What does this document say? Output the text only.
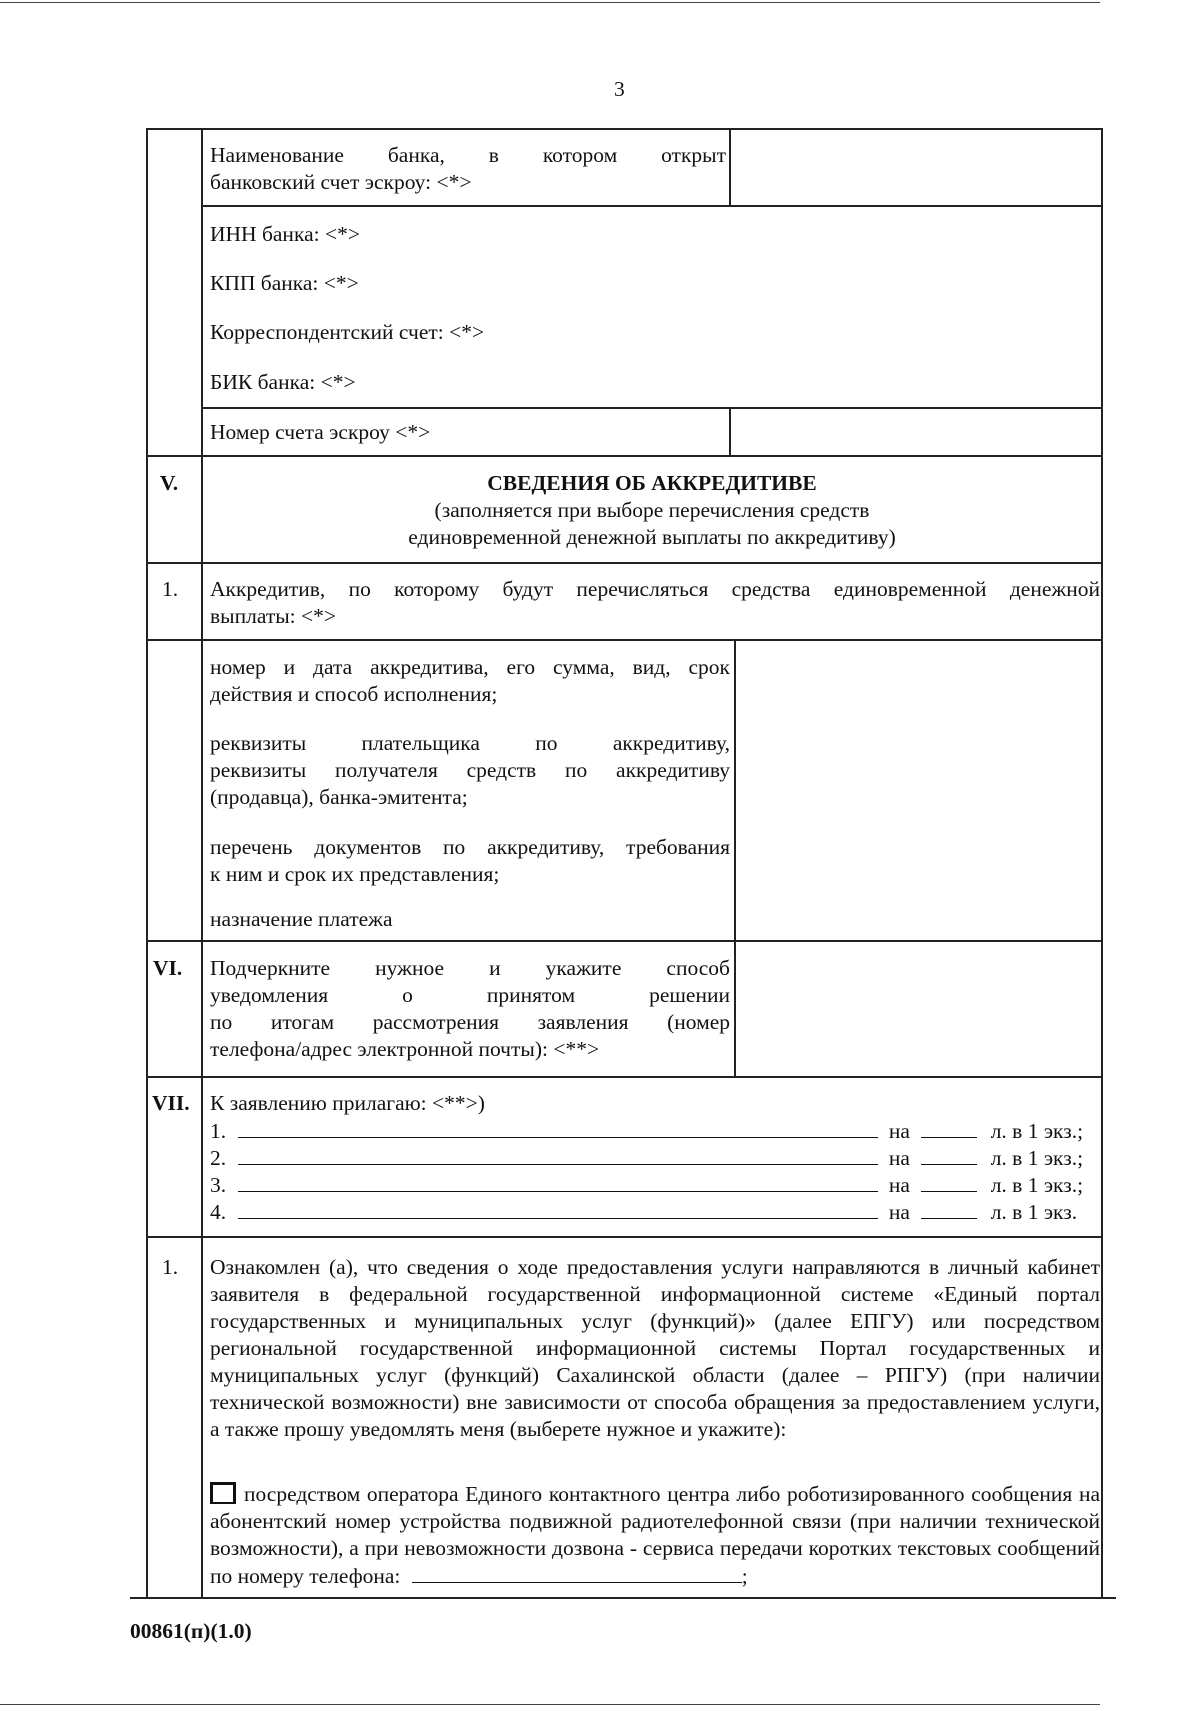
3
Наименование банка, в котором открыт
банковский счет эскроу: <*>
ИНН банка: <*>
КПП банка: <*>
Корреспондентский счет: <*>
БИК банка: <*>
Номер счета эскроу <*>
V.	СВЕДЕНИЯ ОБ АККРЕДИТИВЕ
(заполняется при выборе перечисления средств
единовременной денежной выплаты по аккредитиву)
1. Аккредитив, по которому будут перечисляться средства единовременной денежной
выплаты: <*>
номер и дата аккредитива, его сумма, вид, срок
действия и способ исполнения;
реквизиты плательщика по аккредитиву,
реквизиты получателя средств по аккредитиву
(продавца), банка-эмитента;
перечень документов по аккредитиву, требования
к ним и срок их представления;
назначение платежа
VI. Подчеркните нужное и укажите способ
уведомления о принятом решении
по итогам рассмотрения заявления (номер
телефона/адрес электронной почты): <**>
VII. К заявлению прилагаю: <**>)
1.	на	л. в 1 экз.;
2.	на	л. в 1 экз.;
3.	на	л. в 1 экз.;
4.	на	л. в 1 экз.
1. Ознакомлен (а), что сведения о ходе предоставления услуги направляются в личный кабинет заявителя в федеральной государственной информационной системе «Единый портал государственных и муниципальных услуг (функций)» (далее ЕПГУ) или посредством региональной государственной информационной системы Портал государственных и муниципальных услуг (функций) Сахалинской области (далее – РПГУ) (при наличии технической возможности) вне зависимости от способа обращения за предоставлением услуги, а также прошу уведомлять меня (выберете нужное и укажите):
посредством оператора Единого контактного центра либо роботизированного сообщения на абонентский номер устройства подвижной радиотелефонной связи (при наличии технической возможности), а при невозможности дозвона - сервиса передачи коротких текстовых сообщений по номеру телефона:	;
00861(п)(1.0)
